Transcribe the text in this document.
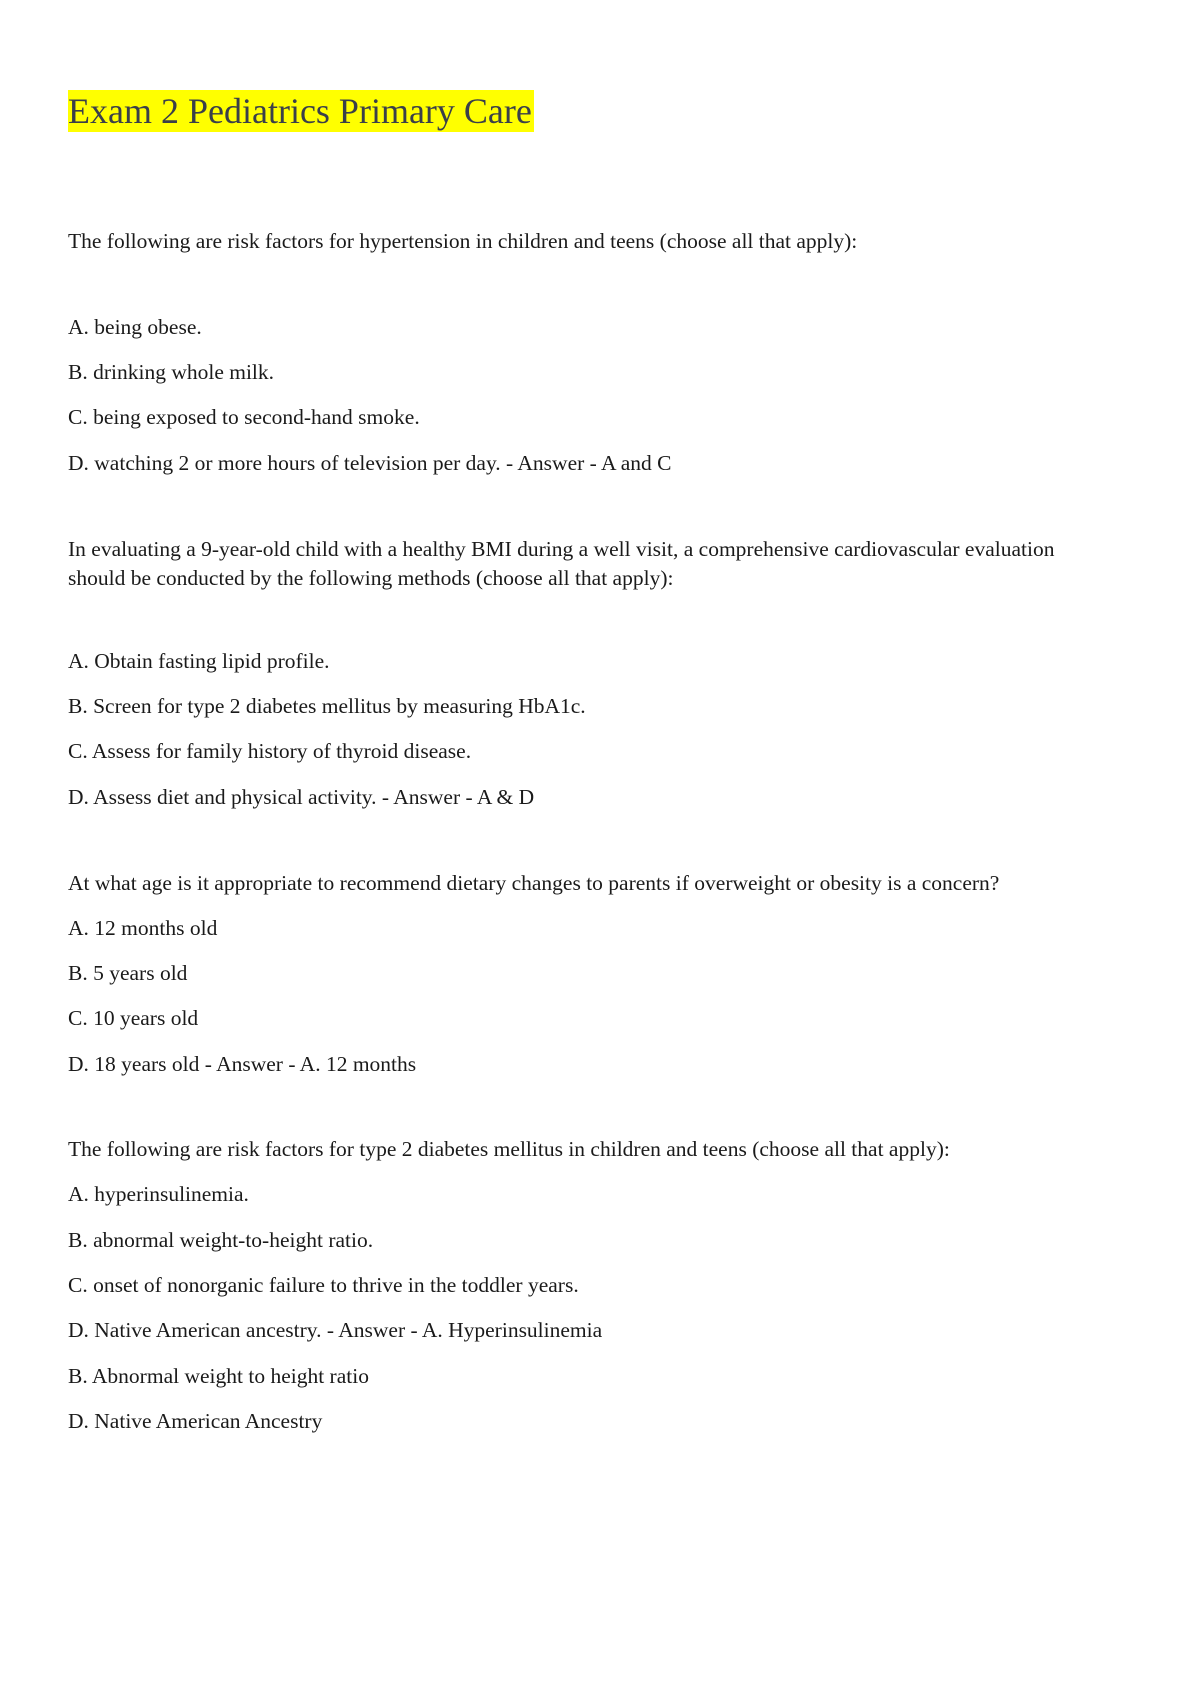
Exam 2 Pediatrics Primary Care

The following are risk factors for hypertension in children and teens (choose all that apply):

A. being obese.

B. drinking whole milk.

C. being exposed to second-hand smoke.

D. watching 2 or more hours of television per day. - Answer - A and C

In evaluating a 9-year-old child with a healthy BMI during a well visit, a comprehensive cardiovascular evaluation should be conducted by the following methods (choose all that apply):

A. Obtain fasting lipid profile.

B. Screen for type 2 diabetes mellitus by measuring HbA1c.

C. Assess for family history of thyroid disease.

D. Assess diet and physical activity. - Answer - A & D

At what age is it appropriate to recommend dietary changes to parents if overweight or obesity is a concern?

A. 12 months old

B. 5 years old

C. 10 years old

D. 18 years old - Answer - A. 12 months

The following are risk factors for type 2 diabetes mellitus in children and teens (choose all that apply):

A. hyperinsulinemia.

B. abnormal weight-to-height ratio.

C. onset of nonorganic failure to thrive in the toddler years.

D. Native American ancestry. - Answer - A. Hyperinsulinemia

B. Abnormal weight to height ratio

D. Native American Ancestry
